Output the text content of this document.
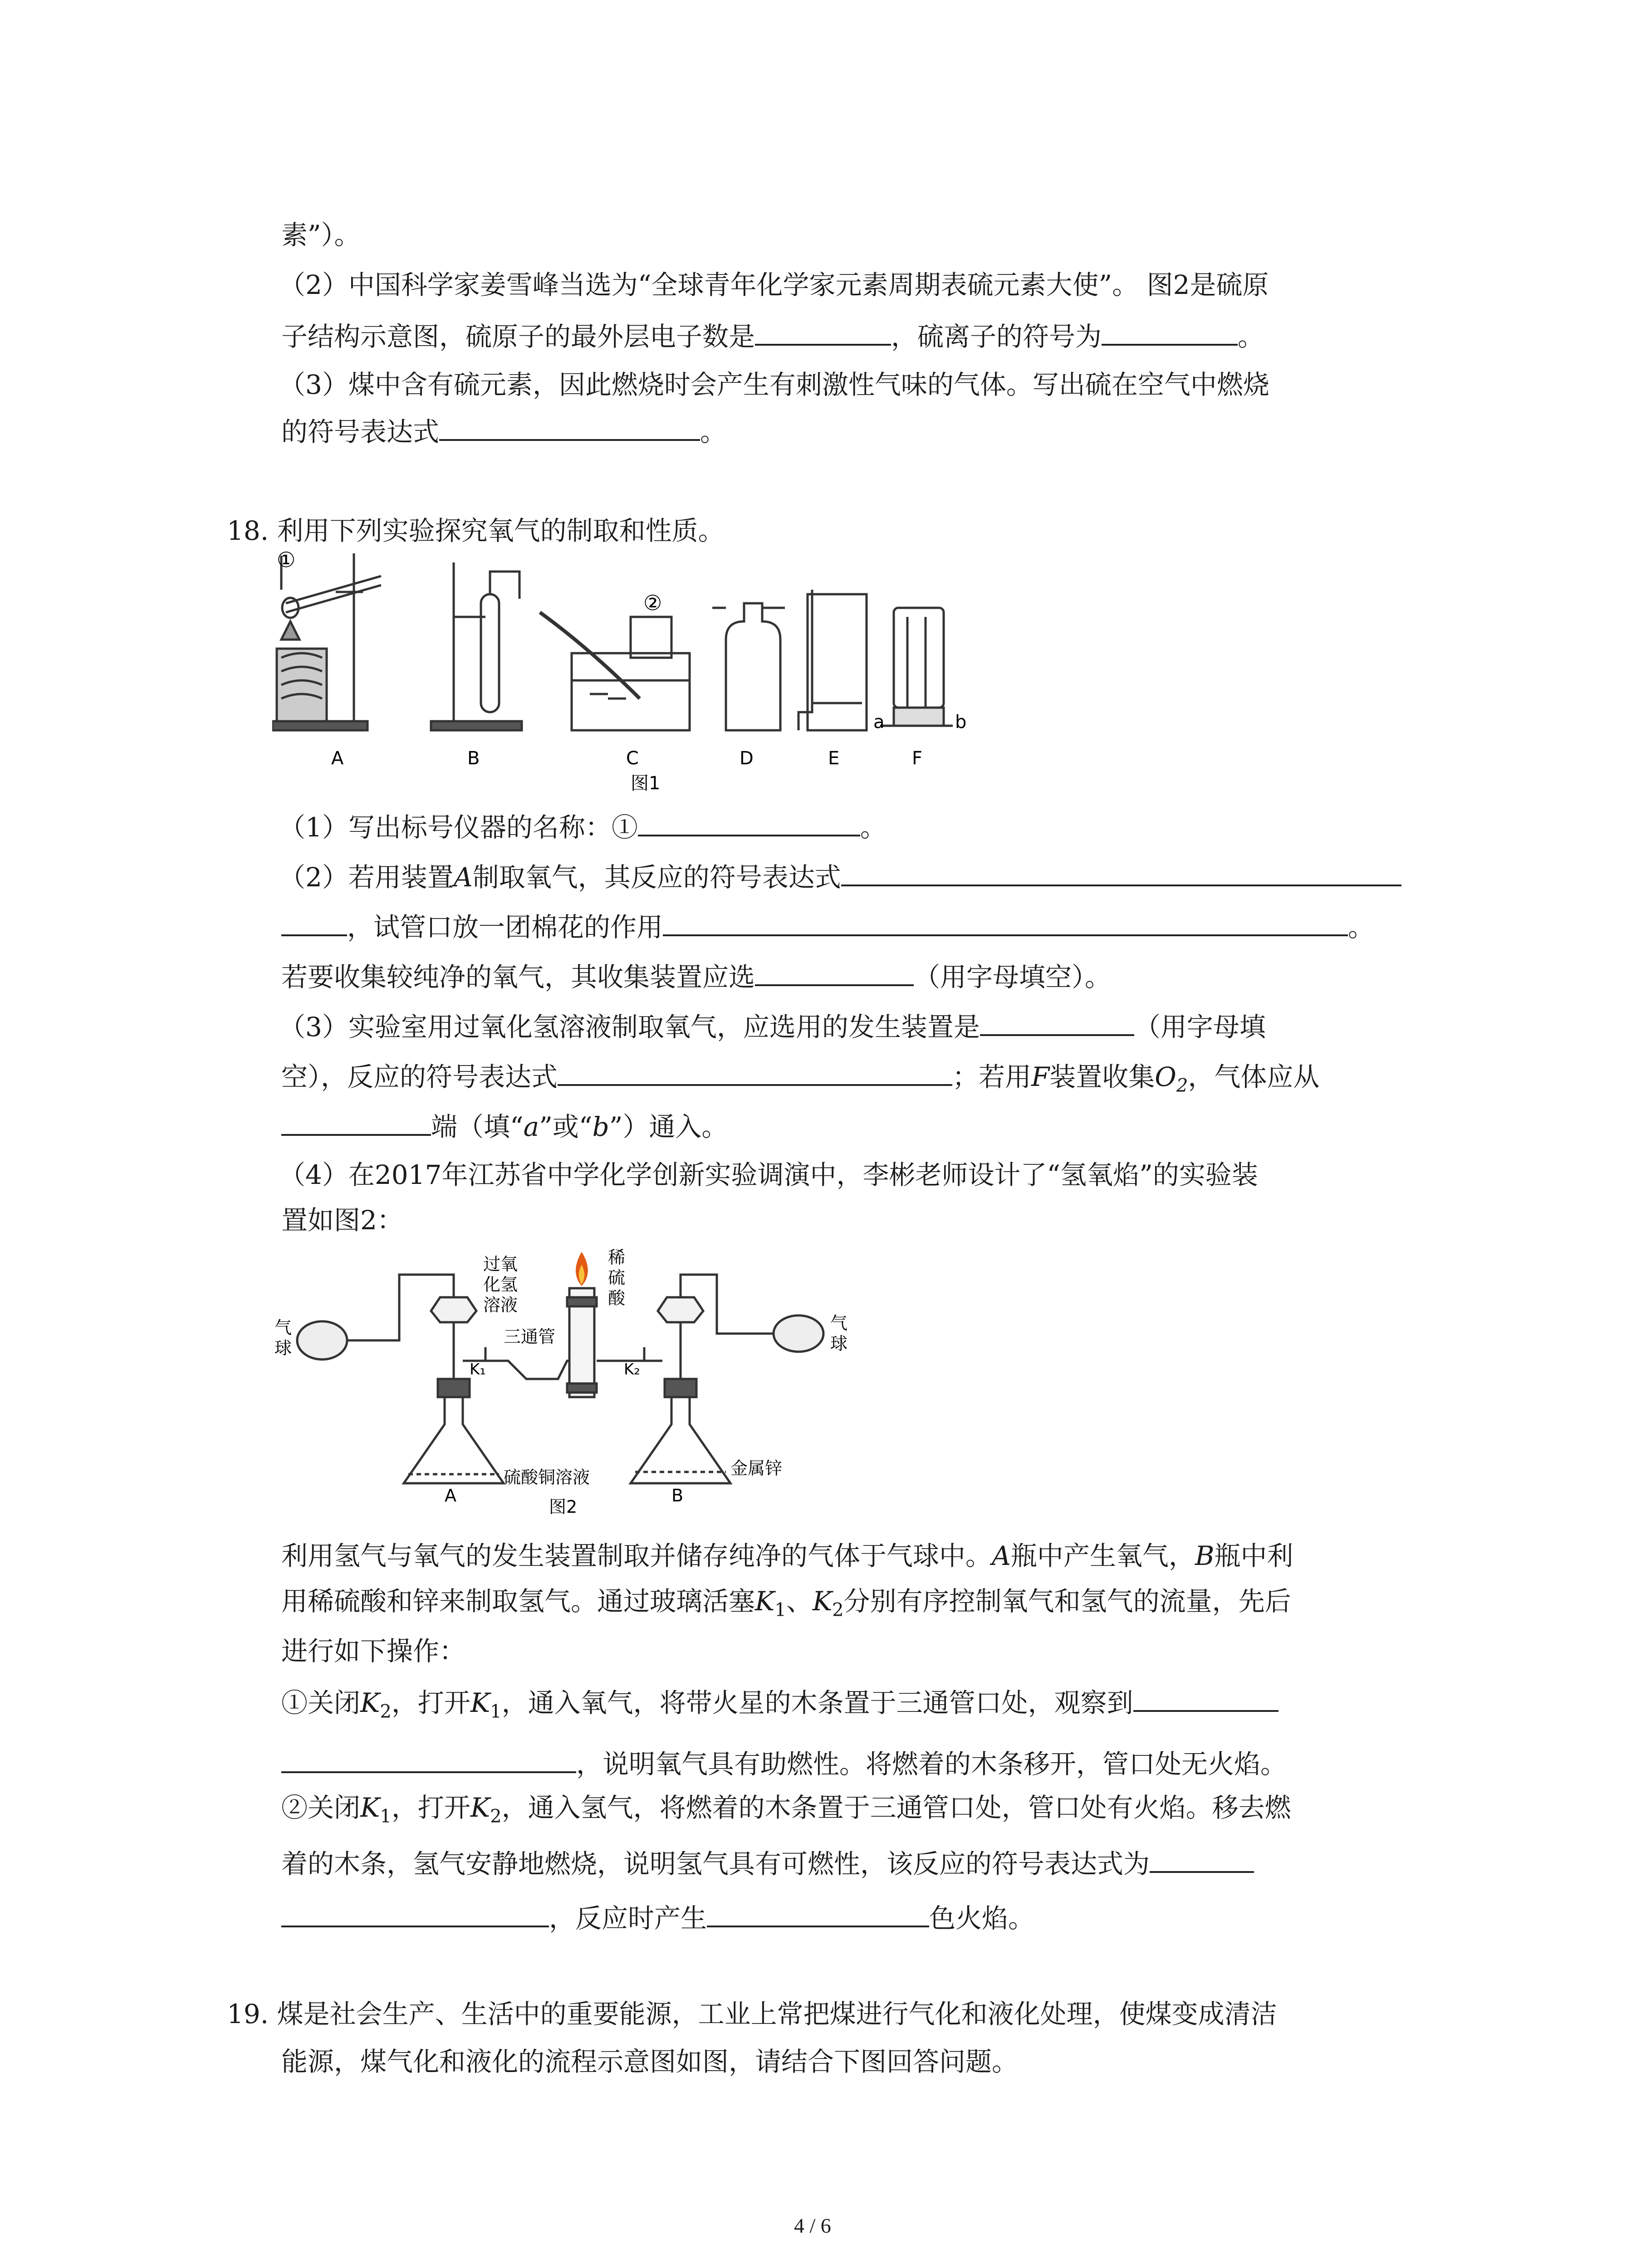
素”）。
（2）中国科学家姜雪峰当选为“全球青年化学家元素周期表硫元素大使”。 图2是硫原
子结构示意图，硫原子的最外层电子数是	，硫离子的符号为	。
（3）煤中含有硫元素，因此燃烧时会产生有刺激性气味的气体。写出硫在空气中燃烧
的符号表达式	。
18. 利用下列实验探究氧气的制取和性质。
①
②
a	b
A	B	C	D	E	F
图1
（1）写出标号仪器的名称：①	。
（2）若用装置A制取氧气，其反应的符号表达式
，试管口放一团棉花的作用	。
若要收集较纯净的氧气，其收集装置应选	（用字母填空）。
（3）实验室用过氧化氢溶液制取氧气，应选用的发生装置是	（用字母填
空），反应的符号表达式	；若用F装置收集$O_2$，气体应从
端（填“a”或“b”）通入。
（4）在2017年江苏省中学化学创新实验调演中，李彬老师设计了“氢氧焰”的实验装
置如图2：
气
球
过氧
化氢
溶液
三通管
K₁	K₂
稀
硫
酸
气
球
硫酸铜溶液	金属锌
A	B
图2
利用氢气与氧气的发生装置制取并储存纯净的气体于气球中。A瓶中产生氧气，B瓶中利
用稀硫酸和锌来制取氢气。通过玻璃活塞$K_1$、$K_2$分别有序控制氧气和氢气的流量，先后
进行如下操作：
①关闭$K_2$，打开$K_1$，通入氧气，将带火星的木条置于三通管口处，观察到
，说明氧气具有助燃性。将燃着的木条移开，管口处无火焰。
②关闭$K_1$，打开$K_2$，通入氢气，将燃着的木条置于三通管口处，管口处有火焰。移去燃
着的木条，氢气安静地燃烧，说明氢气具有可燃性，该反应的符号表达式为
，反应时产生	色火焰。
19. 煤是社会生产、生活中的重要能源，工业上常把煤进行气化和液化处理，使煤变成清洁
能源，煤气化和液化的流程示意图如图，请结合下图回答问题。
4 / 6
